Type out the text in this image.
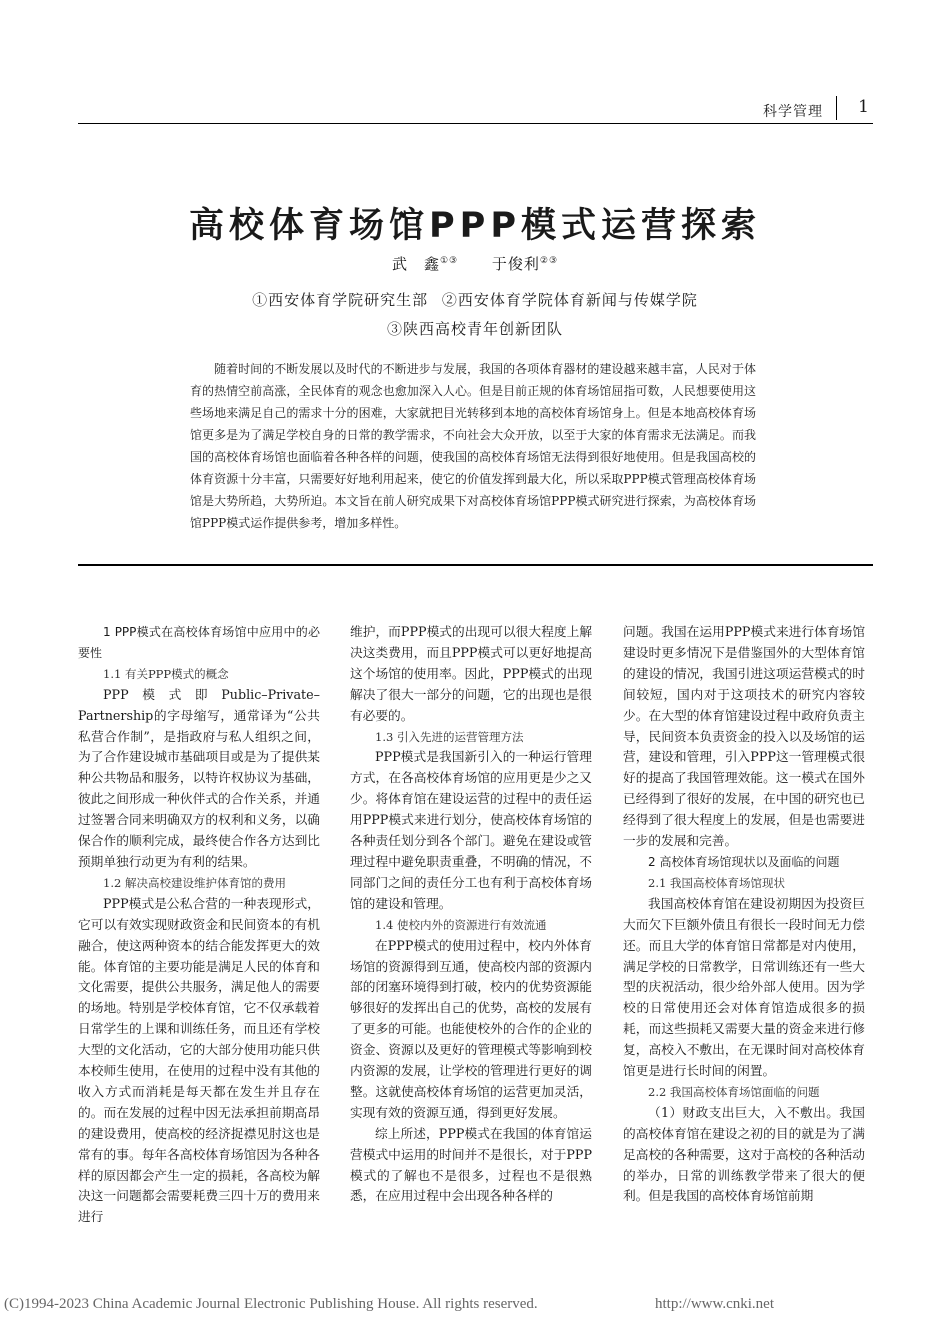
科学管理 1
高校体育场馆PPP模式运营探索
武　鑫①③ 于俊利②③
①西安体育学院研究生部 ②西安体育学院体育新闻与传媒学院
③陕西高校青年创新团队

随着时间的不断发展以及时代的不断进步与发展，我国的各项体育器材的建设越来越丰富，人民对于体育的热情空前高涨，全民体育的观念也愈加深入人心。但是目前正规的体育场馆屈指可数，人民想要使用这些场地来满足自己的需求十分的困难，大家就把目光转移到本地的高校体育场馆身上。但是本地高校体育场馆更多是为了满足学校自身的日常的教学需求，不向社会大众开放，以至于大家的体育需求无法满足。而我国的高校体育场馆也面临着各种各样的问题，使我国的高校体育场馆无法得到很好地使用。但是我国高校的体育资源十分丰富，只需要好好地利用起来，使它的价值发挥到最大化，所以采取PPP模式管理高校体育场馆是大势所趋，大势所迫。本文旨在前人研究成果下对高校体育场馆PPP模式研究进行探索，为高校体育场馆PPP模式运作提供参考，增加多样性。

1 PPP模式在高校体育场馆中应用中的必要性
1.1 有关PPP模式的概念

PPP模式即Public–Private–Partnership的字母缩写，通常译为“公共私营合作制”，是指政府与私人组织之间，为了合作建设城市基础项目或是为了提供某种公共物品和服务，以特许权协议为基础，彼此之间形成一种伙伴式的合作关系，并通过签署合同来明确双方的权利和义务，以确保合作的顺利完成，最终使合作各方达到比预期单独行动更为有利的结果。

1.2 解决高校建设维护体育馆的费用

PPP模式是公私合营的一种表现形式，它可以有效实现财政资金和民间资本的有机融合，使这两种资本的结合能发挥更大的效能。体育馆的主要功能是满足人民的体育和文化需要，提供公共服务，满足他人的需要的场地。特别是学校体育馆，它不仅承载着日常学生的上课和训练任务，而且还有学校大型的文化活动，它的大部分使用功能只供本校师生使用，在使用的过程中没有其他的收入方式而消耗是每天都在发生并且存在的。而在发展的过程中因无法承担前期高昂的建设费用，使高校的经济捉襟见肘这也是常有的事。每年各高校体育场馆因为各种各样的原因都会产生一定的损耗，各高校为解决这一问题都会需要耗费三四十万的费用来进行

维护，而PPP模式的出现可以很大程度上解决这类费用，而且PPP模式可以更好地提高这个场馆的使用率。因此，PPP模式的出现解决了很大一部分的问题，它的出现也是很有必要的。

1.3 引入先进的运营管理方法

PPP模式是我国新引入的一种运行管理方式，在各高校体育场馆的应用更是少之又少。将体育馆在建设运营的过程中的责任运用PPP模式来进行划分，使高校体育场馆的各种责任划分到各个部门。避免在建设或管理过程中避免职责重叠，不明确的情况，不同部门之间的责任分工也有利于高校体育场馆的建设和管理。

1.4 使校内外的资源进行有效流通

在PPP模式的使用过程中，校内外体育场馆的资源得到互通，使高校内部的资源内部的闭塞环境得到打破，校内的优势资源能够很好的发挥出自己的优势，高校的发展有了更多的可能。也能使校外的合作的企业的资金、资源以及更好的管理模式等影响到校内资源的发展，让学校的管理进行更好的调整。这就使高校体育场馆的运营更加灵活，实现有效的资源互通，得到更好发展。

综上所述，PPP模式在我国的体育馆运营模式中运用的时间并不是很长，对于PPP模式的了解也不是很多，过程也不是很熟悉，在应用过程中会出现各种各样的

问题。我国在运用PPP模式来进行体育场馆建设时更多情况下是借鉴国外的大型体育馆的建设的情况，我国引进这项运营模式的时间较短，国内对于这项技术的研究内容较少。在大型的体育馆建设过程中政府负责主导，民间资本负责资金的投入以及场馆的运营，建设和管理，引入PPP这一管理模式很好的提高了我国管理效能。这一模式在国外已经得到了很好的发展，在中国的研究也已经得到了很大程度上的发展，但是也需要进一步的发展和完善。

2 高校体育场馆现状以及面临的问题
2.1 我国高校体育场馆现状

我国高校体育馆在建设初期因为投资巨大而欠下巨额外债且有很长一段时间无力偿还。而且大学的体育馆日常都是对内使用，满足学校的日常教学，日常训练还有一些大型的庆祝活动，很少给外部人使用。因为学校的日常使用还会对体育馆造成很多的损耗，而这些损耗又需要大量的资金来进行修复，高校入不敷出，在无课时间对高校体育馆更是进行长时间的闲置。

2.2 我国高校体育场馆面临的问题

（1）财政支出巨大，入不敷出。我国的高校体育馆在建设之初的目的就是为了满足高校的各种需要，这对于高校的各种活动的举办，日常的训练教学带来了很大的便利。但是我国的高校体育场馆前期

(C)1994-2023 China Academic Journal Electronic Publishing House. All rights reserved.	http://www.cnki.net
